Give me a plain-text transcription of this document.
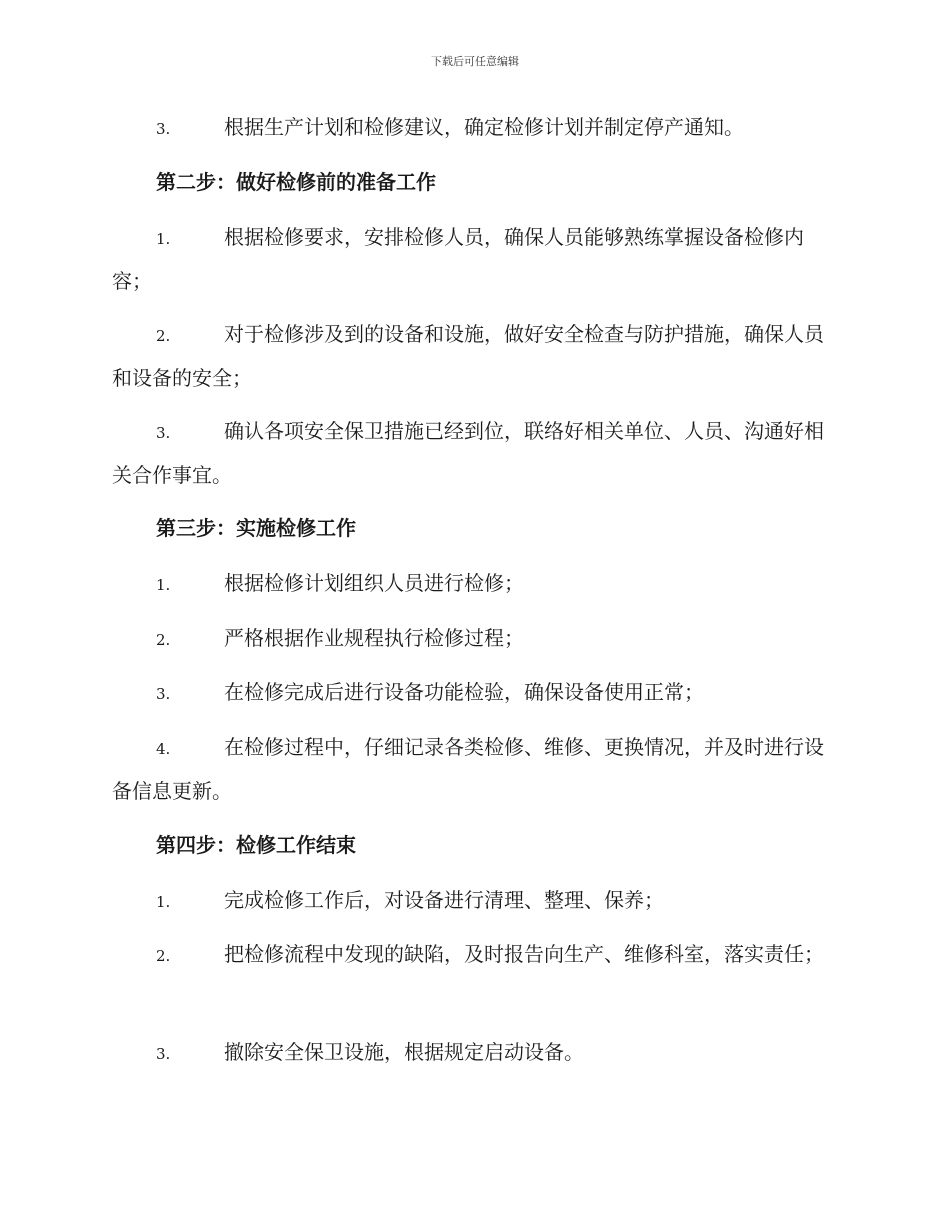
下载后可任意编辑
3.	根据生产计划和检修建议，确定检修计划并制定停产通知。
第二步：做好检修前的准备工作
1.	根据检修要求，安排检修人员，确保人员能够熟练掌握设备检修内容；
2.	对于检修涉及到的设备和设施，做好安全检查与防护措施，确保人员和设备的安全；
3.	确认各项安全保卫措施已经到位，联络好相关单位、人员、沟通好相关合作事宜。
第三步：实施检修工作
1.	根据检修计划组织人员进行检修；
2.	严格根据作业规程执行检修过程；
3.	在检修完成后进行设备功能检验，确保设备使用正常；
4.	在检修过程中，仔细记录各类检修、维修、更换情况，并及时进行设备信息更新。
第四步：检修工作结束
1.	完成检修工作后，对设备进行清理、整理、保养；
2.	把检修流程中发现的缺陷，及时报告向生产、维修科室，落实责任；
3.	撤除安全保卫设施，根据规定启动设备。
